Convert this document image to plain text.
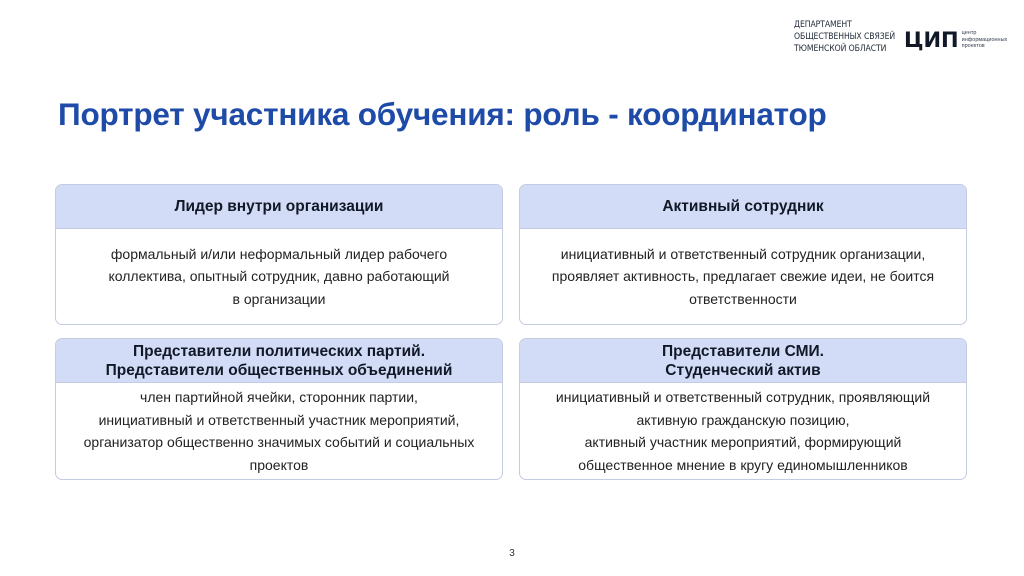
ДЕПАРТАМЕНТ
ОБЩЕСТВЕННЫХ СВЯЗЕЙ
ТЮМЕНСКОЙ ОБЛАСТИ ЦИП центр
информационных
проектов
Портрет участника обучения: роль - координатор
Лидер внутри организации
формальный и/или неформальный лидер рабочего
коллектива, опытный сотрудник, давно работающий
в организации
Активный сотрудник
инициативный и ответственный сотрудник организации,
проявляет активность, предлагает свежие идеи, не боится
ответственности
Представители политических партий.
Представители общественных объединений
член партийной ячейки, сторонник партии,
инициативный и ответственный участник мероприятий,
организатор общественно значимых событий и социальных
проектов
Представители СМИ.
Студенческий актив
инициативный и ответственный сотрудник, проявляющий
активную гражданскую позицию,
активный участник мероприятий, формирующий
общественное мнение в кругу единомышленников
3
